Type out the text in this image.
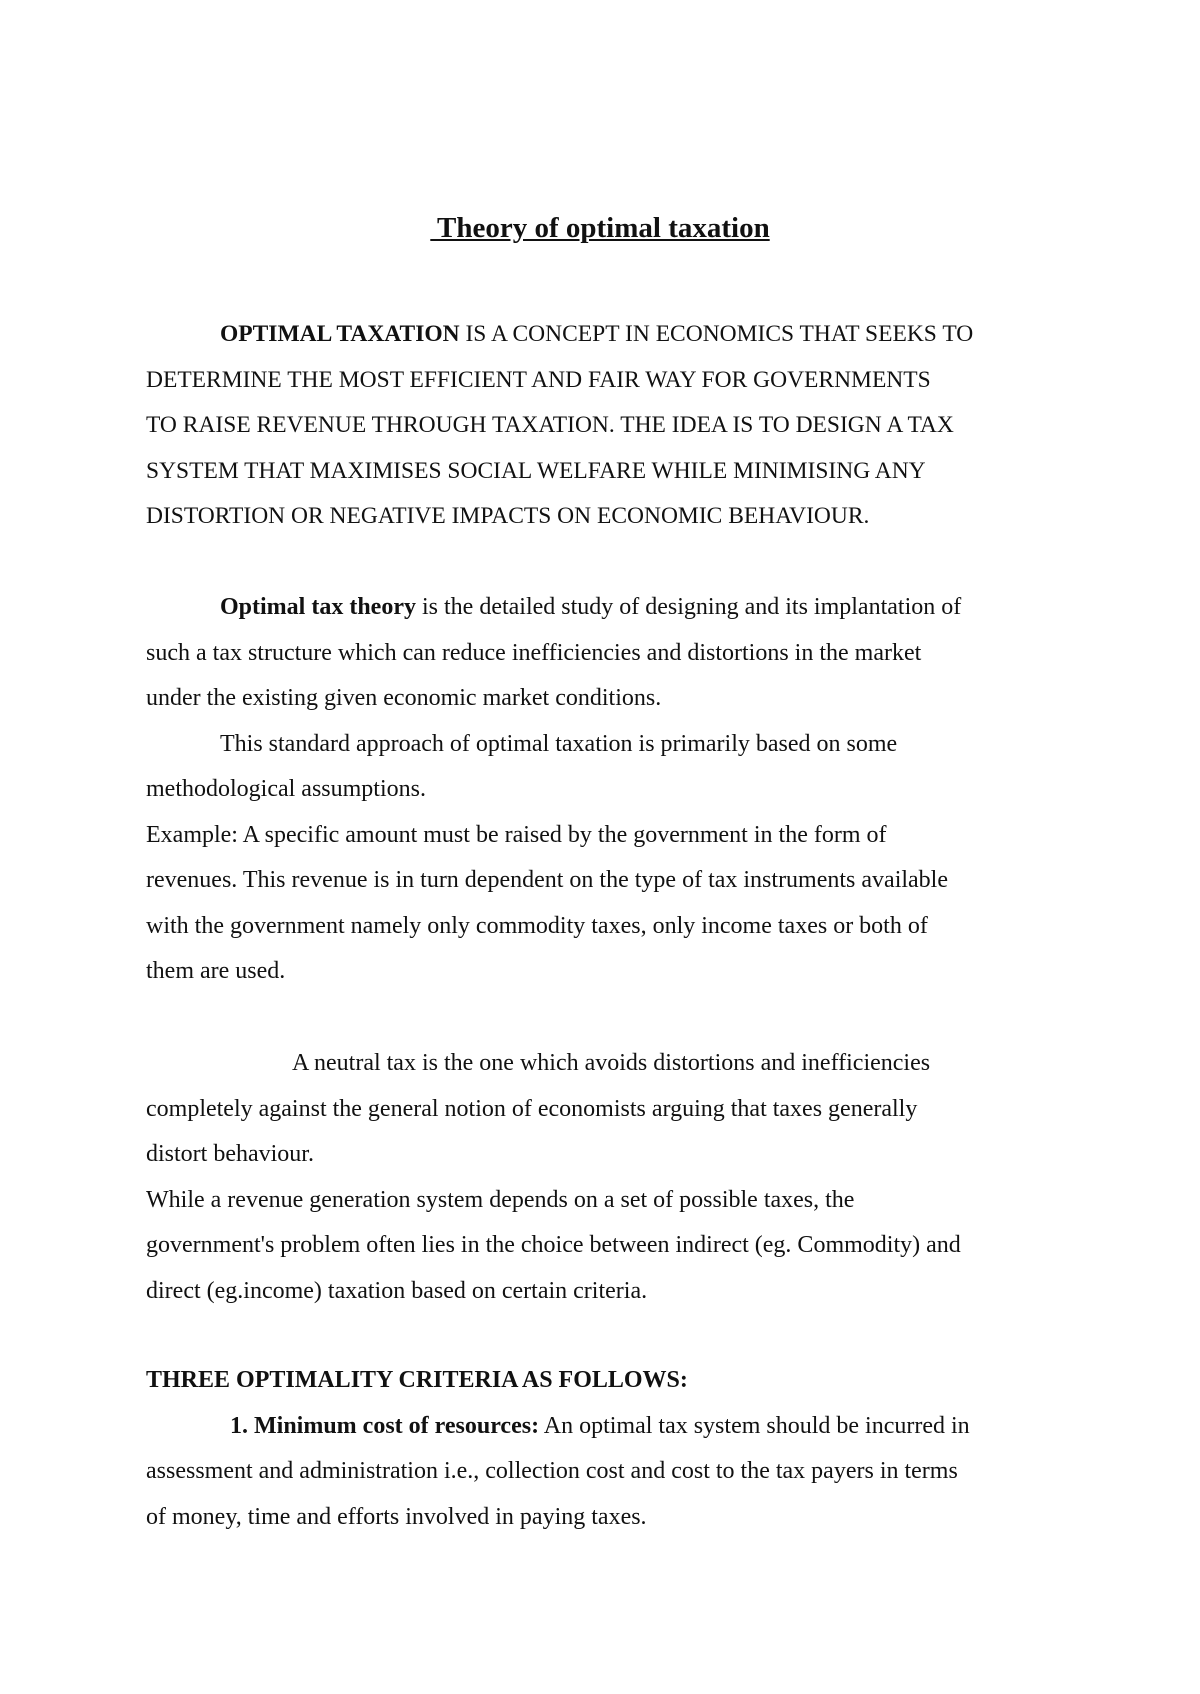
Theory of optimal taxation
OPTIMAL TAXATION IS A CONCEPT IN ECONOMICS THAT SEEKS TO
DETERMINE THE MOST EFFICIENT AND FAIR WAY FOR GOVERNMENTS
TO RAISE REVENUE THROUGH TAXATION. THE IDEA IS TO DESIGN A TAX
SYSTEM THAT MAXIMISES SOCIAL WELFARE WHILE MINIMISING ANY
DISTORTION OR NEGATIVE IMPACTS ON ECONOMIC BEHAVIOUR.
Optimal tax theory is the detailed study of designing and its implantation of
such a tax structure which can reduce inefficiencies and distortions in the market
under the existing given economic market conditions.
This standard approach of optimal taxation is primarily based on some
methodological assumptions.
Example: A specific amount must be raised by the government in the form of
revenues. This revenue is in turn dependent on the type of tax instruments available
with the government namely only commodity taxes, only income taxes or both of
them are used.
A neutral tax is the one which avoids distortions and inefficiencies
completely against the general notion of economists arguing that taxes generally
distort behaviour.
While a revenue generation system depends on a set of possible taxes, the
government's problem often lies in the choice between indirect (eg. Commodity) and
direct (eg.income) taxation based on certain criteria.
THREE OPTIMALITY CRITERIA AS FOLLOWS:
1. Minimum cost of resources: An optimal tax system should be incurred in
assessment and administration i.e., collection cost and cost to the tax payers in terms
of money, time and efforts involved in paying taxes.
